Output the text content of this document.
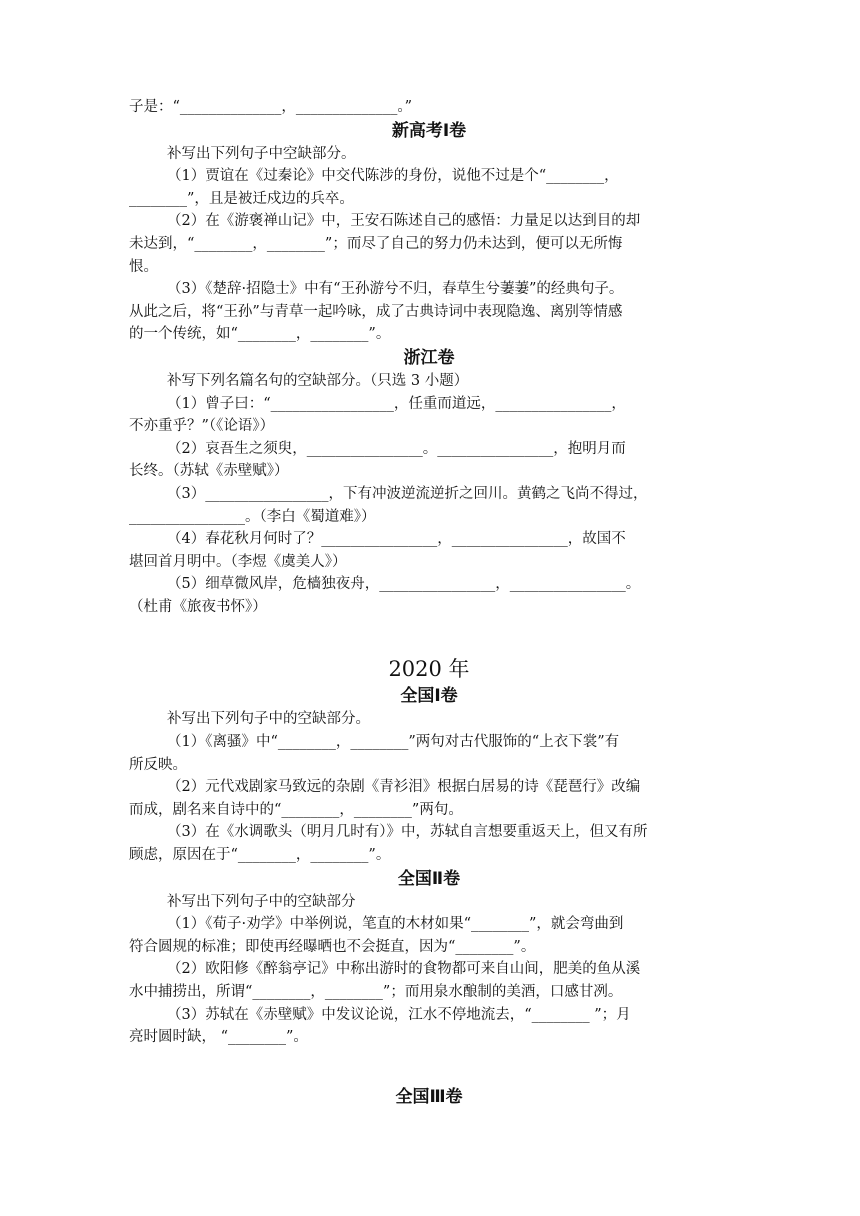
子是：“______________，______________。”
新高考Ⅰ卷
补写出下列句子中空缺部分。
（1）贾谊在《过秦论》中交代陈涉的身份，说他不过是个“________，
________”，且是被迁戍边的兵卒。
（2）在《游褒禅山记》中，王安石陈述自己的感悟：力量足以达到目的却
未达到，“________，________”；而尽了自己的努力仍未达到，便可以无所悔
恨。
（3）《楚辞·招隐士》中有“王孙游兮不归，春草生兮萋萋”的经典句子。
从此之后，将“王孙”与青草一起吟咏，成了古典诗词中表现隐逸、离别等情感
的一个传统，如“________，________”。
浙江卷
补写下列名篇名句的空缺部分。（只选 3 小题）
（1）曾子曰：“_________________，任重而道远，________________，
不亦重乎？”（《论语》）
（2）哀吾生之须臾，________________。________________，抱明月而
长终。（苏轼《赤壁赋》）
（3）_________________，下有冲波逆流逆折之回川。黄鹤之飞尚不得过，
________________。（李白《蜀道难》）
（4）春花秋月何时了？________________，________________，故国不
堪回首月明中。（李煜《虞美人》）
（5）细草微风岸，危樯独夜舟，________________，________________。
（杜甫《旅夜书怀》）
2020 年
全国Ⅰ卷
补写出下列句子中的空缺部分。
（1）《离骚》中“________，________”两句对古代服饰的“上衣下裳”有
所反映。
（2）元代戏剧家马致远的杂剧《青衫泪》根据白居易的诗《琵琶行》改编
而成，剧名来自诗中的“________，________”两句。
（3）在《水调歌头（明月几时有）》中，苏轼自言想要重返天上，但又有所
顾虑，原因在于“________，________”。
全国Ⅱ卷
补写出下列句子中的空缺部分
（1）《荀子·劝学》中举例说，笔直的木材如果“________”，就会弯曲到
符合圆规的标准；即使再经曝晒也不会挺直，因为“________”。
（2）欧阳修《醉翁亭记》中称出游时的食物都可来自山间，肥美的鱼从溪
水中捕捞出，所谓“________，________”；而用泉水酿制的美酒，口感甘冽。
（3）苏轼在《赤壁赋》中发议论说，江水不停地流去，“________ ”；月
亮时圆时缺， “________”。
全国Ⅲ卷
